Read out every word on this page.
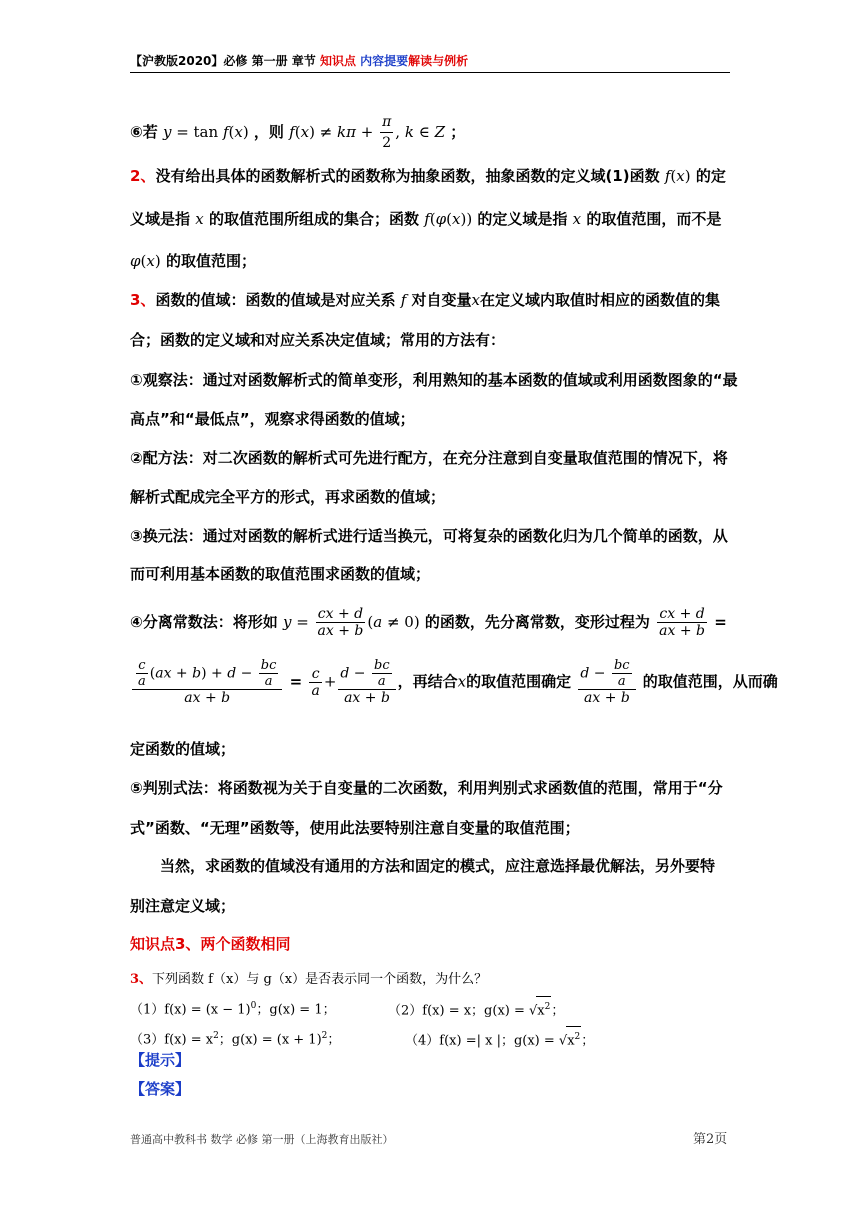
【沪教版2020】必修 第一册 章节 知识点 内容提要解读与例析
⑥若 y = tan f(x) ，则 $f(x) \ne k\pi + \frac{\pi}{2}$ , k ∈ Z ；
2、没有给出具体的函数解析式的函数称为抽象函数，抽象函数的定义域(1)函数 f(x) 的定
义域是指 x 的取值范围所组成的集合；函数 f(φ(x)) 的定义域是指 x 的取值范围，而不是
φ(x) 的取值范围；
3、函数的值域：函数的值域是对应关系 f 对自变量x在定义域内取值时相应的函数值的集
合；函数的定义域和对应关系决定值域；常用的方法有：
①观察法：通过对函数解析式的简单变形，利用熟知的基本函数的值域或利用函数图象的“最
高点”和“最低点”，观察求得函数的值域；
②配方法：对二次函数的解析式可先进行配方，在充分注意到自变量取值范围的情况下，将
解析式配成完全平方的形式，再求函数的值域；
③换元法：通过对函数的解析式进行适当换元，可将复杂的函数化归为几个简单的函数，从
而可利用基本函数的取值范围求函数的值域；
④分离常数法：将形如 $y = \frac{cx + d}{ax + b} (a \ne 0)$ 的函数，先分离常数，变形过程为 $\frac{cx + d}{ax + b}$ =
$\frac{\frac{c}{a} (ax + b) + d - \frac{bc}{a}}{ax + b} = \frac{c}{a} + \frac{d - \frac{bc}{a}}{ax + b}$ ，再结合x的取值范围确定 $\frac{d - \frac{bc}{a}}{ax + b}$ 的取值范围，从而确
定函数的值域；
⑤判别式法：将函数视为关于自变量的二次函数，利用判别式求函数值的范围，常用于“分
式”函数、“无理”函数等，使用此法要特别注意自变量的取值范围；
当然，求函数的值域没有通用的方法和固定的模式，应注意选择最优解法，另外要特
别注意定义域；
知识点3、两个函数相同
3、下列函数 f（x）与 g（x）是否表示同一个函数，为什么？
$(1)f(x) = (x - 1)^0$；g(x) = 1；	（2）f(x) = x；$g(x) = √x^2$；
$(3)f(x) = x^2$；$g(x) = (x + 1)^2$；	（4）f(x) =| x |；$g(x) = √x^2$；
【提示】
【答案】
普通高中教科书 数学 必修 第一册（上海教育出版社）	第2页
